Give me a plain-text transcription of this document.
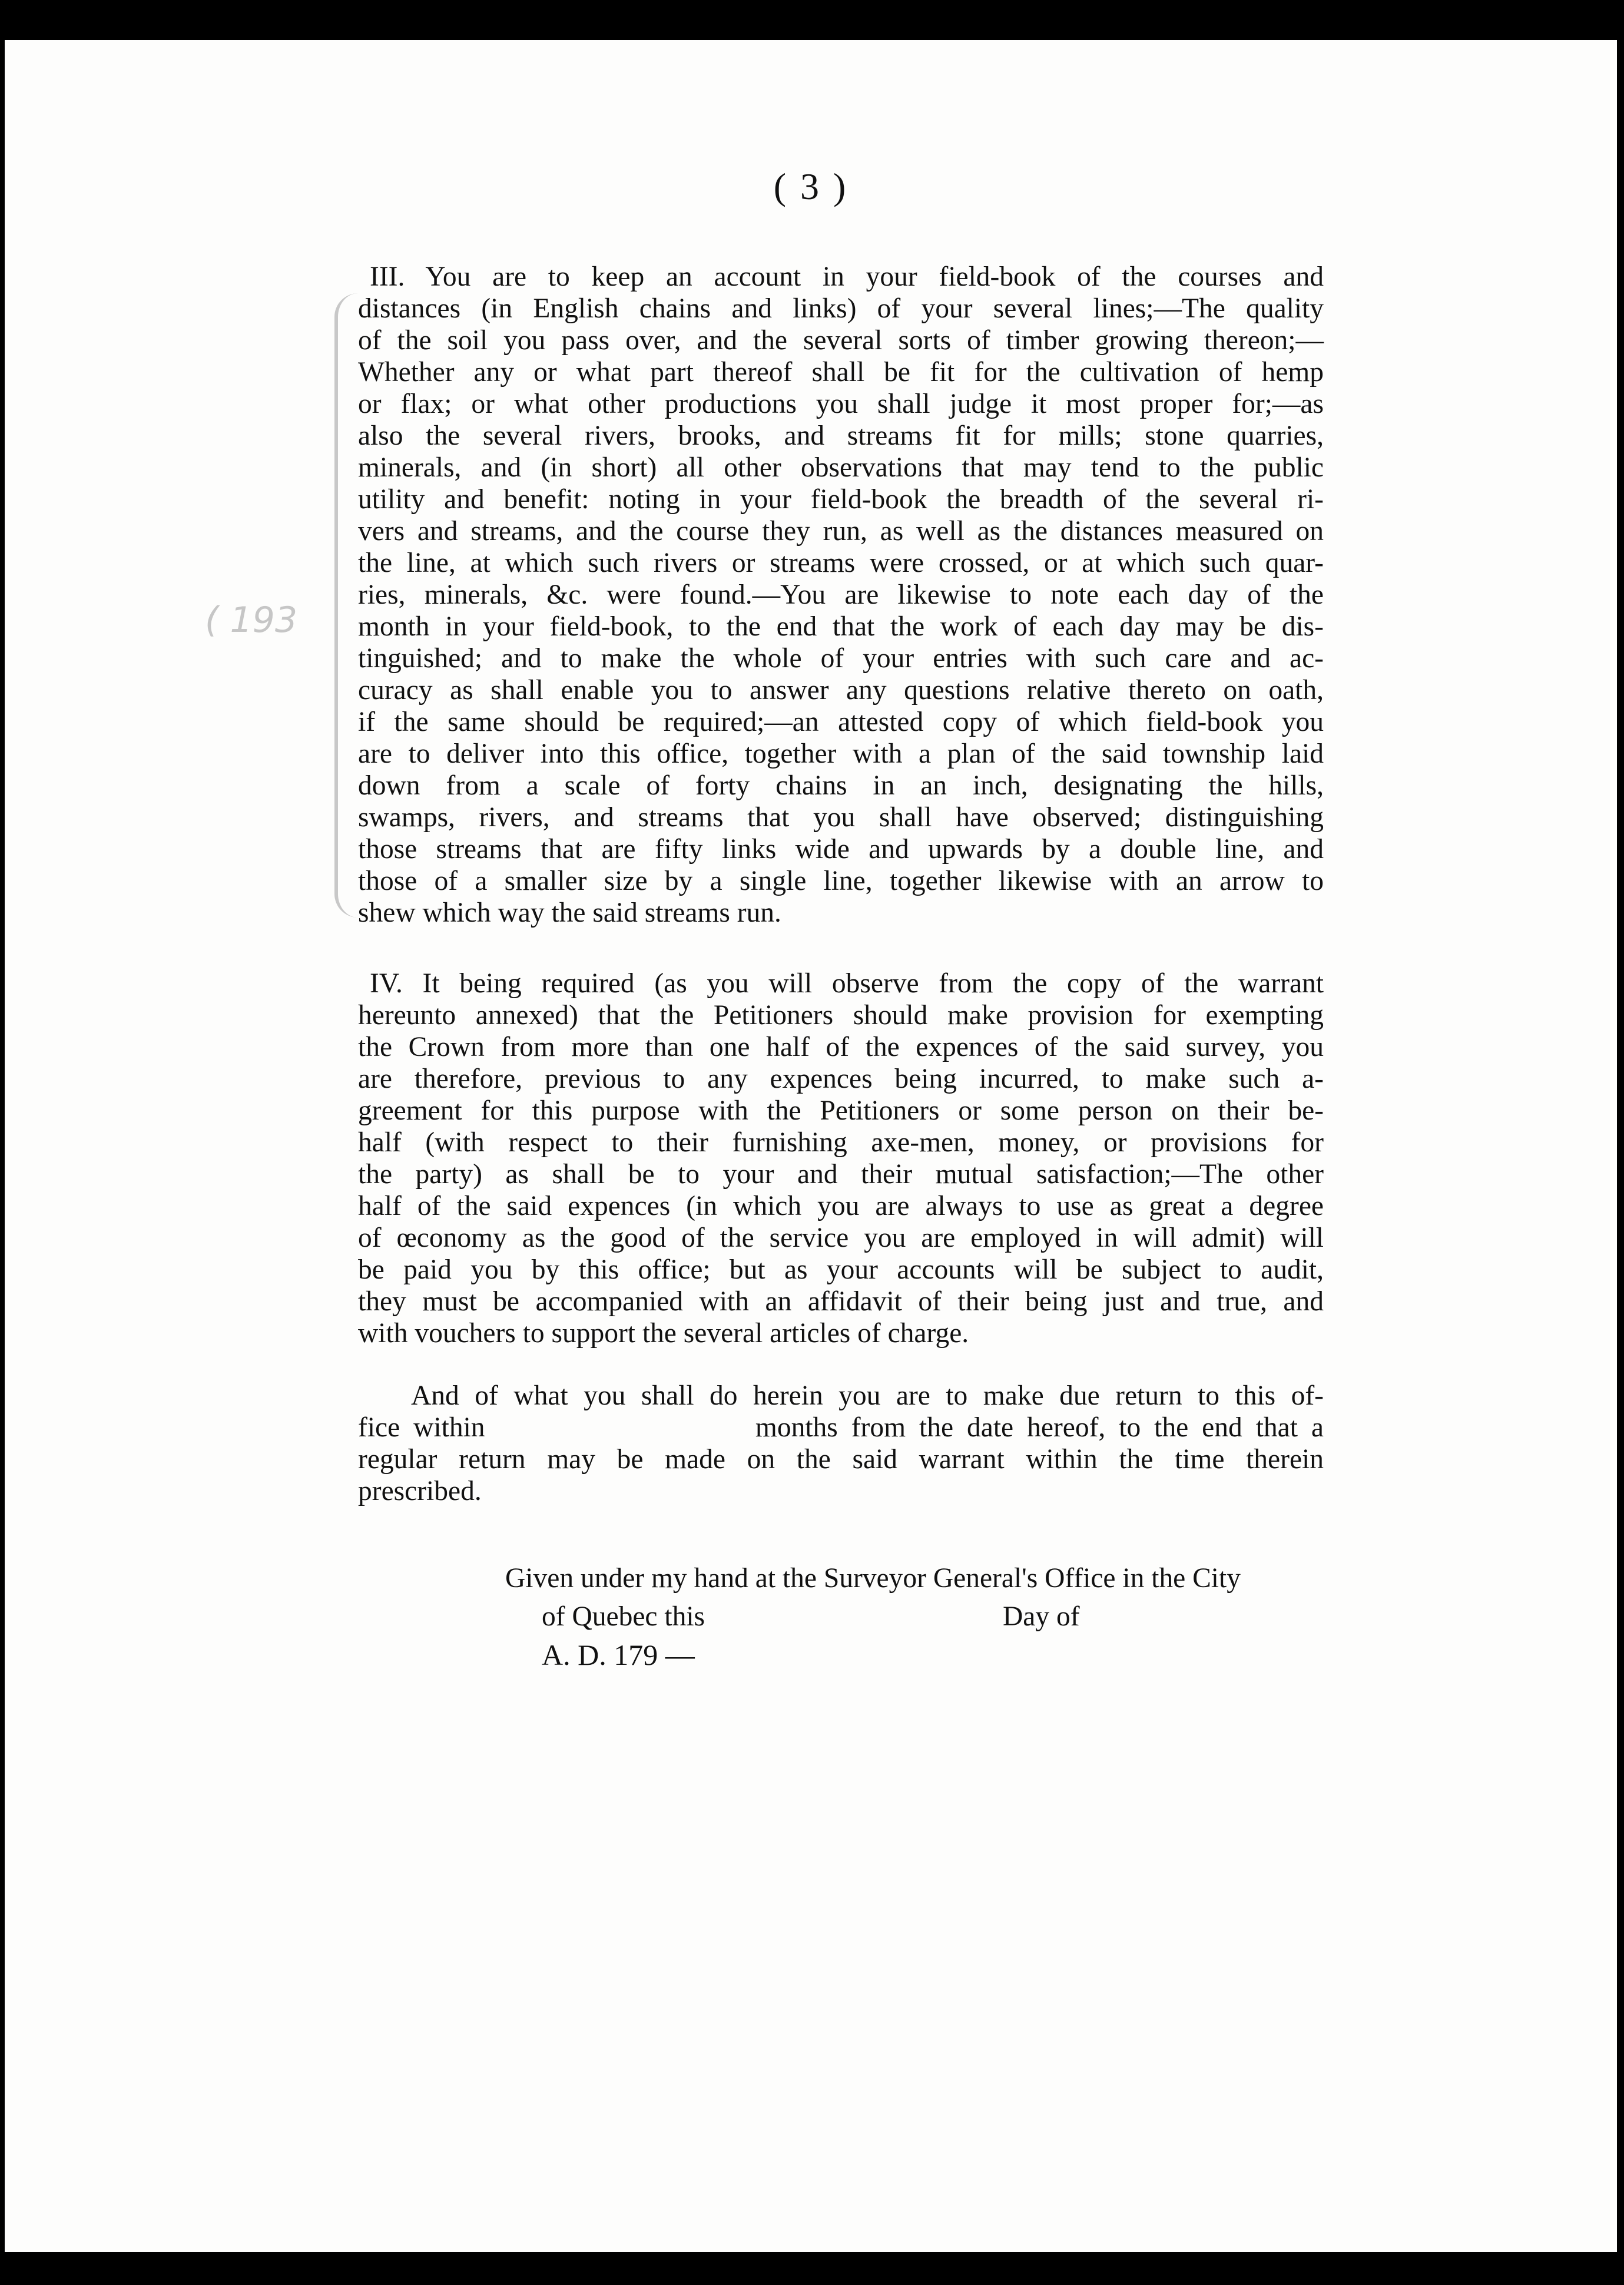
( 3 )
( 193
III. You are to keep an account in your field-book of the courses and
distances (in English chains and links) of your several lines;—The quality
of the soil you pass over, and the several sorts of timber growing thereon;—
Whether any or what part thereof shall be fit for the cultivation of hemp
or flax; or what other productions you shall judge it most proper for;—as
also the several rivers, brooks, and streams fit for mills; stone quarries,
minerals, and (in short) all other observations that may tend to the public
utility and benefit: noting in your field-book the breadth of the several ri-
vers and streams, and the course they run, as well as the distances measured on
the line, at which such rivers or streams were crossed, or at which such quar-
ries, minerals, &c. were found.—You are likewise to note each day of the
month in your field-book, to the end that the work of each day may be dis-
tinguished; and to make the whole of your entries with such care and ac-
curacy as shall enable you to answer any questions relative thereto on oath,
if the same should be required;—an attested copy of which field-book you
are to deliver into this office, together with a plan of the said township laid
down from a scale of forty chains in an inch, designating the hills,
swamps, rivers, and streams that you shall have observed; distinguishing
those streams that are fifty links wide and upwards by a double line, and
those of a smaller size by a single line, together likewise with an arrow to
shew which way the said streams run.
IV. It being required (as you will observe from the copy of the warrant
hereunto annexed) that the Petitioners should make provision for exempting
the Crown from more than one half of the expences of the said survey, you
are therefore, previous to any expences being incurred, to make such a-
greement for this purpose with the Petitioners or some person on their be-
half (with respect to their furnishing axe-men, money, or provisions for
the party) as shall be to your and their mutual satisfaction;—The other
half of the said expences (in which you are always to use as great a degree
of œconomy as the good of the service you are employed in will admit) will
be paid you by this office; but as your accounts will be subject to audit,
they must be accompanied with an affidavit of their being just and true, and
with vouchers to support the several articles of charge.
And of what you shall do herein you are to make due return to this of-
fice within                    months from the date hereof, to the end that a
regular return may be made on the said warrant within the time therein
prescribed.
Given under my hand at the Surveyor General's Office in the City
of Quebec this	Day of
A. D. 179 —
